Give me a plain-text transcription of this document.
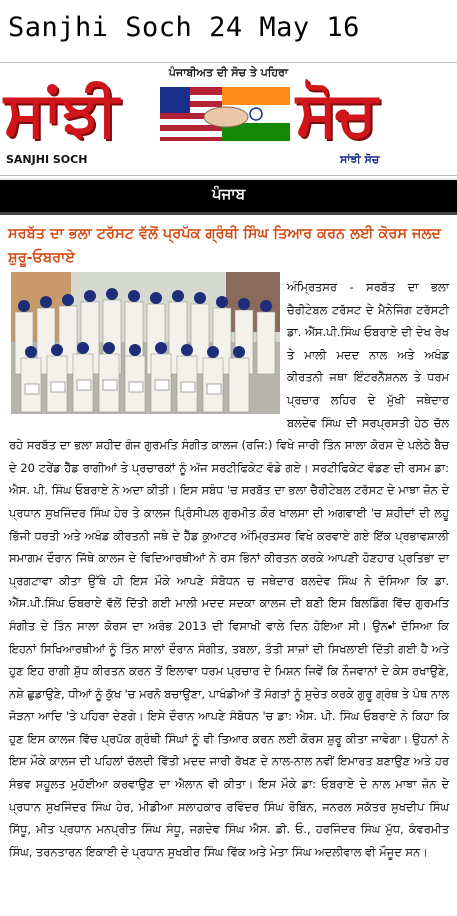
Sanjhi Soch 24 May 16
ਪੰਜਾਬੀਅਤ ਦੀ ਸੋਚ ਤੇ ਪਹਿਰਾ
ਸਾਂਝੀ	ਸੋਚ
SANJHI SOCH	ਸਾਂਝੀ ਸੋਚ
ਪੰਜਾਬ
ਸਰਬੱਤ ਦਾ ਭਲਾ ਟਰੱਸਟ ਵੱਲੋਂ ਪ੍ਰਪੱਕ ਗ੍ਰੰਥੀ ਸਿੰਘ ਤਿਆਰ ਕਰਨ ਲਈ ਕੋਰਸ ਜਲਦ ਸ਼ੁਰੂ-ਓਬਰਾਏ
ਅੰਮ੍ਰਿਤਸਰ - ਸਰਬੱਤ ਦਾ ਭਲਾ ਚੈਰੀਟੇਬਲ ਟਰੱਸਟ ਦੇ ਮੈਨੇਜਿੰਗ ਟਰੱਸਟੀ ਡਾ. ਐੱਸ.ਪੀ.ਸਿੰਘ ਓਬਰਾਏ ਦੀ ਦੇਖ ਰੇਖ ਤੇ ਮਾਲੀ ਮਦਦ ਨਾਲ ਅਤੇ ਅਖੰਡ ਕੀਰਤਨੀ ਜਥਾ ਇੰਟਰਨੈਸ਼ਨਲ ਤੇ ਧਰਮ ਪ੍ਰਚਾਰ ਲਹਿਰ ਦੇ ਮੁੱਖੀ ਜਥੇਦਾਰ ਬਲਦੇਵ ਸਿੰਘ ਦੀ ਸਰਪ੍ਰਸਤੀ ਹੇਠ ਚੱਲ ਰਹੇ ਸਰਬੱਤ ਦਾ ਭਲਾ ਸ਼ਹੀਦ ਗੰਜ ਗੁਰਮਤਿ ਸੰਗੀਤ ਕਾਲਜ (ਰਜਿ:) ਵਿਖੇ ਜਾਰੀ ਤਿੰਨ ਸਾਲਾ ਕੋਰਸ ਦੇ ਪਲੇਠੇ ਬੈਚ ਦੇ 20 ਟਰੇਂਡ ਹੈੱਡ ਰਾਗੀਆਂ ਤੇ ਪ੍ਰਚਾਰਕਾਂ ਨੂੰ ਅੱਜ ਸਰਟੀਫਿਕੇਟ ਵੰਡੇ ਗਏ। ਸਰਟੀਫਿਕੇਟ ਵੰਡਣ ਦੀ ਰਸਮ ਡਾ: ਐਸ. ਪੀ. ਸਿੰਘ ਓਬਰਾਏ ਨੇ ਅਦਾ ਕੀਤੀ। ਇਸ ਸਬੰਧ 'ਚ ਸਰਬੱਤ ਦਾ ਭਲਾ ਚੈਰੀਟੇਬਲ ਟਰੱਸਟ ਦੇ ਮਾਝਾ ਜ਼ੋਨ ਦੇ ਪ੍ਰਧਾਨ ਸੁਖਜਿੰਦਰ ਸਿੰਘ ਹੇਰ ਤੇ ਕਾਲਜ ਪ੍ਰਿੰਸੀਪਲ ਗੁਰਮੀਤ ਕੌਰ ਖਾਲਸਾ ਦੀ ਅਗਵਾਈ 'ਚ ਸ਼ਹੀਦਾਂ ਦੀ ਲਹੂ ਭਿੱਜੀ ਧਰਤੀ ਅਤੇ ਅਖੰਡ ਕੀਰਤਨੀ ਜਥੇ ਦੇ ਹੈੱਡ ਕੁਆਟਰ ਅੰਮ੍ਰਿਤਸਰ ਵਿਖੇ ਕਰਵਾਏ ਗਏ ਇੱਕ ਪ੍ਰਭਾਵਸ਼ਾਲੀ ਸਮਾਗਮ ਦੌਰਾਨ ਜਿੱਥੇ ਕਾਲਜ ਦੇ ਵਿਦਿਆਰਥੀਆਂ ਨੇ ਰਸ ਭਿੰਨਾਂ ਕੀਰਤਨ ਕਰਕੇ ਆਪਣੀ ਹੋਣਹਾਰ ਪ੍ਰਤਿਭਾ ਦਾ ਪ੍ਰਗਟਾਵਾ ਕੀਤਾ ਉੱਥੇ ਹੀ ਇਸ ਮੌਕੇ ਆਪਣੇ ਸੰਬੋਧਨ ਚ ਜਥੇਦਾਰ ਬਲਦੇਵ ਸਿੰਘ ਨੇ ਦੱਸਿਆ ਕਿ ਡਾ. ਐੱਸ.ਪੀ.ਸਿੰਘ ਓਬਰਾਏ ਵੱਲੋਂ ਦਿੱਤੀ ਗਈ ਮਾਲੀ ਮਦਦ ਸਦਕਾ ਕਾਲਜ ਦੀ ਬਣੀ ਇਸ ਬਿਲਡਿੰਗ ਵਿੱਚ ਗੁਰਮਤਿ ਸੰਗੀਤ ਦੇ ਤਿੰਨ ਸਾਲਾ ਕੋਰਸ ਦਾ ਅਰੰਭ 2013 ਦੀ ਵਿਸਾਖੀ ਵਾਲੇ ਦਿਨ ਹੋਇਆ ਸੀ। ਉਨ•ਾਂ ਦੱਸਿਆ ਕਿ ਇਹਨਾਂ ਸਿਖਿਆਰਥੀਆਂ ਨੂੰ ਤਿੰਨ ਸਾਲਾਂ ਦੌਰਾਨ ਸੰਗੀਤ, ਤਬਲਾ, ਤੰਤੀ ਸਾਜ਼ਾਂ ਦੀ ਸਿਖਲਾਈ ਦਿੱਤੀ ਗਈ ਹੈ ਅਤੇ ਹੁਣ ਇਹ ਰਾਗੀ ਸ਼ੁੱਧ ਕੀਰਤਨ ਕਰਨ ਤੋਂ ਇਲਾਵਾ ਧਰਮ ਪ੍ਰਚਾਰ ਦੇ ਮਿਸ਼ਨ ਜਿਵੇਂ ਕਿ ਨੌਜਵਾਨਾਂ ਦੇ ਕੇਸ ਰਖਾਉਣੇ, ਨਸ਼ੇ ਛੁਡਾਉਣੇ, ਧੀਆਂ ਨੂੰ ਕੁੱਖ 'ਚ ਮਰਨੋ ਬਚਾਉਣਾ, ਪਾਖੰਡੀਆਂ ਤੋਂ ਸੰਗਤਾਂ ਨੂੰ ਸੁਚੇਤ ਕਰਕੇ ਗੁਰੂ ਗ੍ਰੰਥ ਤੇ ਪੰਥ ਨਾਲ ਜੋੜਨਾ ਆਦਿ 'ਤੇ ਪਹਿਰਾ ਦੇਣਗੇ। ਇਸੇ ਦੌਰਾਨ ਆਪਣੇ ਸੰਬੋਧਨ 'ਚ ਡਾ: ਐਸ. ਪੀ. ਸਿੰਘ ਓਬਰਾਏ ਨੇ ਕਿਹਾ ਕਿ ਹੁਣ ਇਸ ਕਾਲਜ ਵਿੱਚ ਪ੍ਰਪੱਕ ਗ੍ਰੰਥੀ ਸਿੰਘਾਂ ਨੂੰ ਵੀ ਤਿਆਰ ਕਰਨ ਲਈ ਕੋਰਸ ਸ਼ੁਰੂ ਕੀਤਾ ਜਾਵੇਗਾ। ਉਹਨਾਂ ਨੇ ਇਸ ਮੌਕੇ ਕਾਲਜ ਦੀ ਪਹਿਲਾਂ ਚੱਲਦੀ ਵਿੱਤੀ ਮਦਦ ਜਾਰੀ ਰੱਖਣ ਦੇ ਨਾਲ-ਨਾਲ ਨਵੀਂ ਇਮਾਰਤ ਬਣਾਉਣ ਅਤੇ ਹਰ ਸੰਭਵ ਸਹੂਲਤ ਮੁਹੱਈਆ ਕਰਵਾਉਣ ਦਾ ਐਲਾਨ ਵੀ ਕੀਤਾ। ਇਸ ਮੌਕੇ ਡਾ: ਓਬਰਾਏ ਦੇ ਨਾਲ ਮਾਝਾ ਜ਼ੋਨ ਦੇ ਪ੍ਰਧਾਨ ਸੁਖਜਿੰਦਰ ਸਿੰਘ ਹੇਰ, ਮੀਡੀਆ ਸਲਾਹਕਾਰ ਰਵਿੰਦਰ ਸਿੰਘ ਰੋਬਿਨ, ਜਨਰਲ ਸਕੱਤਰ ਸੁਖਦੀਪ ਸਿੰਘ ਸਿੱਧੂ, ਮੀਤ ਪ੍ਰਧਾਨ ਮਨਪ੍ਰੀਤ ਸਿੰਘ ਸੰਧੂ, ਜਗਦੇਵ ਸਿੰਘ ਐਸ. ਡੀ. ਓ., ਹਰਜਿੰਦਰ ਸਿੰਘ ਮੁੱਧ, ਕੰਵਰਮੀਤ ਸਿੰਘ, ਤਰਨਤਾਰਨ ਇਕਾਈ ਦੇ ਪ੍ਰਧਾਨ ਸੁਖਬੀਰ ਸਿੰਘ ਵਿੱਕ ਅਤੇ ਮੇਤਾ ਸਿੰਘ ਅਦਲੀਵਾਲ ਵੀ ਮੌਜੂਦ ਸਨ।
